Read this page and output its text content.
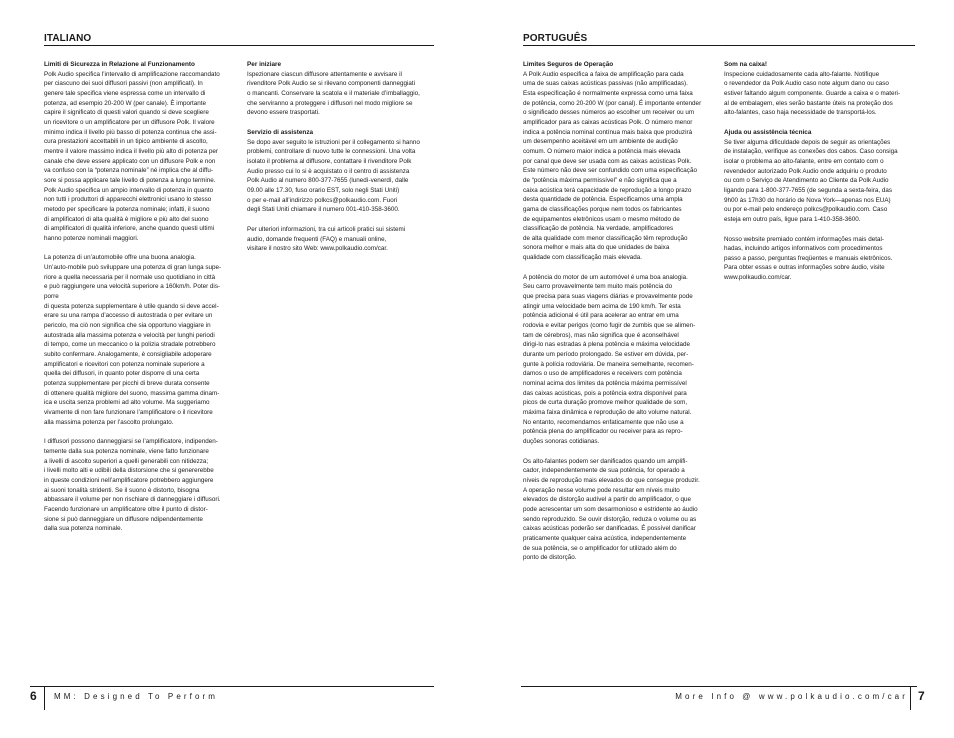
ITALIANO
Limiti di Sicurezza in Relazione al Funzionamento

Polk Audio specifica l’intervallo di amplificazione raccomandato
per ciascuno dei suoi diffusori passivi (non amplificati). In
genere tale specifica viene espressa come un intervallo di
potenza, ad esempio 20-200 W (per canale). È importante
capire il significato di questi valori quando si deve scegliere
un ricevitore o un amplificatore per un diffusore Polk. Il valore
minimo indica il livello più basso di potenza continua che assi-
cura prestazioni accettabili in un tipico ambiente di ascolto,
mentre il valore massimo indica il livello più alto di potenza per
canale che deve essere applicato con un diffusore Polk e non
va confuso con la “potenza nominale” né implica che al diffu-
sore si possa applicare tale livello di potenza a lungo termine.
Polk Audio specifica un ampio intervallo di potenza in quanto
non tutti i produttori di apparecchi elettronici usano lo stesso
metodo per specificare la potenza nominale; infatti, il suono
di amplificatori di alta qualità è migliore e più alto del suono
di amplificatori di qualità inferiore, anche quando questi ultimi
hanno potenze nominali maggiori.

La potenza di un’automobile offre una buona analogia.
Un’auto-mobile può sviluppare una potenza di gran lunga supe-
riore a quella necessaria per il normale uso quotidiano in città
e può raggiungere una velocità superiore a 160km/h. Poter dis-
porre
di questa potenza supplementare è utile quando si deve accel-
erare su una rampa d’accesso di autostrada o per evitare un
pericolo, ma ciò non significa che sia opportuno viaggiare in
autostrada alla massima potenza e velocità per lunghi periodi
di tempo, come un meccanico o la polizia stradale potrebbero
subito confermare. Analogamente, è consigliabile adoperare
amplificatori e ricevitori con potenza nominale superiore a
quella dei diffusori, in quanto poter disporre di una certa
potenza supplementare per picchi di breve durata consente
di ottenere qualità migliore del suono, massima gamma dinam-
ica e uscita senza problemi ad alto volume. Ma suggeriamo
vivamente di non fare funzionare l’amplificatore o il ricevitore
alla massima potenza per l’ascolto prolungato.

I diffusori possono danneggiarsi se l’amplificatore, indipenden-
temente dalla sua potenza nominale, viene fatto funzionare
a livelli di ascolto superiori a quelli generabili con nitidezza;
i livelli molto alti e udibili della distorsione che si genererebbe
in queste condizioni nell’amplificatore potrebbero aggiungere
ai suoni tonalità stridenti. Se il suono è distorto, bisogna
abbassare il volume per non rischiare di danneggiare i diffusori.
Facendo funzionare un amplificatore oltre il punto di distor-
sione si può danneggiare un diffusore ndipendentemente
dalla sua potenza nominale.

Per iniziare

Ispezionare ciascun diffusore attentamente e avvisare il
rivenditore Polk Audio se si rilevano componenti danneggiati
o mancanti. Conservare la scatola e il materiale d’imballaggio,
che serviranno a proteggere i diffusori nel modo migliore se
devono essere trasportati.

Servizio di assistenza

Se dopo aver seguito le istruzioni per il collegamento si hanno
problemi, controllare di nuovo tutte le connessioni. Una volta
isolato il problema al diffusore, contattare il rivenditore Polk
Audio presso cui lo si è acquistato o il centro di assistenza
Polk Audio al numero 800-377-7655 (lunedì-venerdì, dalle
09.00 alle 17.30, fuso orario EST, solo negli Stati Uniti)
o per e-mail all’indirizzo polkcs@polkaudio.com. Fuori
degli Stati Uniti chiamare il numero 001-410-358-3600.

Per ulteriori informazioni, tra cui articoli pratici sui sistemi
audio, domande frequenti (FAQ) e manuali online,
visitare il nostro sito Web: www.polkaudio.com/car.

6 MM: Designed To Perform
PORTUGUÊS
Limites Seguros de Operação

A Polk Audio especifica a faixa de amplificação para cada
uma de suas caixas acústicas passivas (não amplificadas).
Esta especificação é normalmente expressa como uma faixa
de potência, como 20-200 W (por canal). É importante entender
o significado desses números ao escolher um receiver ou um
amplificador para as caixas acústicas Polk. O número menor
indica a potência nominal contínua mais baixa que produzirá
um desempenho aceitável em um ambiente de audição
comum. O número maior indica a potência mais elevada
por canal que deve ser usada com as caixas acústicas Polk.
Este número não deve ser confundido com uma especificação
de “potência máxima permissível” e não significa que a
caixa acústica terá capacidade de reprodução a longo prazo
desta quantidade de potência. Especificamos uma ampla
gama de classificações porque nem todos os fabricantes
de equipamentos eletrônicos usam o mesmo método de
classificação de potência. Na verdade, amplificadores
de alta qualidade com menor classificação têm reprodução
sonora melhor e mais alta do que unidades de baixa
qualidade com classificação mais elevada.

A potência do motor de um automóvel é uma boa analogia.
Seu carro provavelmente tem muito mais potência do
que precisa para suas viagens diárias e provavelmente pode
atingir uma velocidade bem acima de 190 km/h. Ter esta
potência adicional é útil para acelerar ao entrar em uma
rodovia e evitar perigos (como fugir de zumbis que se alimen-
tam de cérebros), mas não significa que é aconselhável
dirigi-lo nas estradas à plena potência e máxima velocidade
durante um período prolongado. Se estiver em dúvida, per-
gunte à polícia rodoviária. De maneira semelhante, recomen-
damos o uso de amplificadores e receivers com potência
nominal acima dos limites da potência máxima permissível
das caixas acústicas, pois a potência extra disponível para
picos de curta duração promove melhor qualidade de som,
máxima faixa dinâmica e reprodução de alto volume natural.
No entanto, recomendamos enfaticamente que não use a
potência plena do amplificador ou receiver para as repro-
duções sonoras cotidianas.

Os alto-falantes podem ser danificados quando um amplifi-
cador, independentemente de sua potência, for operado a
níveis de reprodução mais elevados do que consegue produzir.
A operação nesse volume pode resultar em níveis muito
elevados de distorção audível a partir do amplificador, o que
pode acrescentar um som desarmonioso e estridente ao áudio
sendo reproduzido. Se ouvir distorção, reduza o volume ou as
caixas acústicas poderão ser danificadas. É possível danificar
praticamente qualquer caixa acústica, independentemente
de sua potência, se o amplificador for utilizado além do
ponto de distorção.

Som na caixa!

Inspecione cuidadosamente cada alto-falante. Notifique
o revendedor da Polk Audio caso note algum dano ou caso
estiver faltando algum componente. Guarde a caixa e o materi-
al de embalagem, eles serão bastante úteis na proteção dos
alto-falantes, caso haja necessidade de transportá-los.

Ajuda ou assistência técnica

Se tiver alguma dificuldade depois de seguir as orientações
de instalação, verifique as conexões dos cabos. Caso consiga
isolar o problema ao alto-falante, entre em contato com o
revendedor autorizado Polk Audio onde adquiriu o produto
ou com o Serviço de Atendimento ao Cliente da Polk Audio
ligando para 1-800-377-7655 (de segunda a sexta-feira, das
9h00 às 17h30 do horário de Nova York—apenas nos EUA)
ou por e-mail pelo endereço polkcs@polkaudio.com. Caso
esteja em outro país, ligue para 1-410-358-3600.

Nosso website premiado contém informações mais detal-
hadas, incluindo artigos informativos com procedimentos
passo a passo, perguntas freqüentes e manuais eletrônicos.
Para obter essas e outras informações sobre áudio, visite
www.polkaudio.com/car.

More Info @ www.polkaudio.com/car 7
